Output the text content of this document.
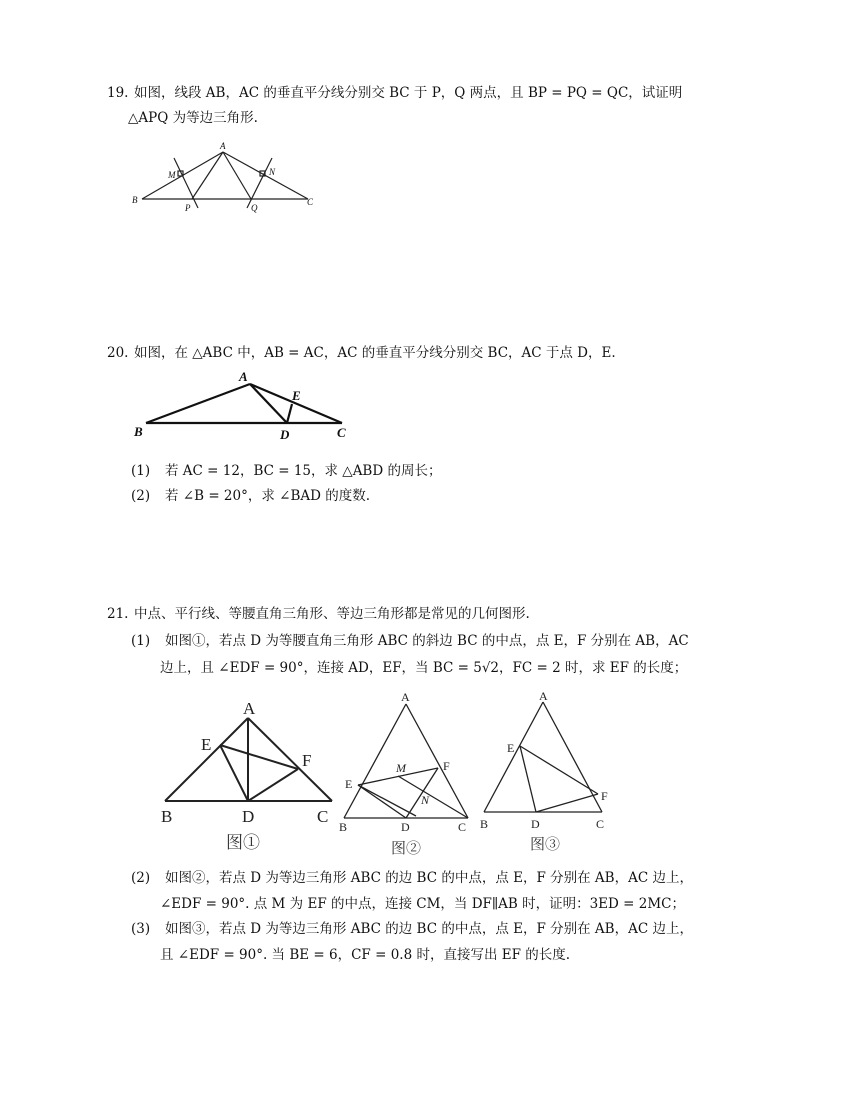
19. 如图，线段 AB，AC 的垂直平分线分别交 BC 于 P，Q 两点，且 BP = PQ = QC，试证明
△APQ 为等边三角形.
A
B	C
M	N
P	Q
20. 如图，在 △ABC 中，AB = AC，AC 的垂直平分线分别交 BC，AC 于点 D，E.
A
B	C
D
E
(1) 若 AC = 12，BC = 15，求 △ABD 的周长；
(2) 若 ∠B = 20°，求 ∠BAD 的度数.
21. 中点、平行线、等腰直角三角形、等边三角形都是常见的几何图形.
(1) 如图①，若点 D 为等腰直角三角形 ABC 的斜边 BC 的中点，点 E，F 分别在 AB，AC
边上，且 ∠EDF = 90°，连接 AD，EF，当 BC = 5√2，FC = 2 时，求 EF 的长度；
A
B	C
D
E
F
图①
A
B	C
D
E
F
M
N
图②
A
B	C
D
E
F
图③
(2) 如图②，若点 D 为等边三角形 ABC 的边 BC 的中点，点 E，F 分别在 AB，AC 边上，
∠EDF = 90°. 点 M 为 EF 的中点，连接 CM，当 DF∥AB 时，证明：3ED = 2MC；
(3) 如图③，若点 D 为等边三角形 ABC 的边 BC 的中点，点 E，F 分别在 AB，AC 边上，
且 ∠EDF = 90°. 当 BE = 6，CF = 0.8 时，直接写出 EF 的长度.
